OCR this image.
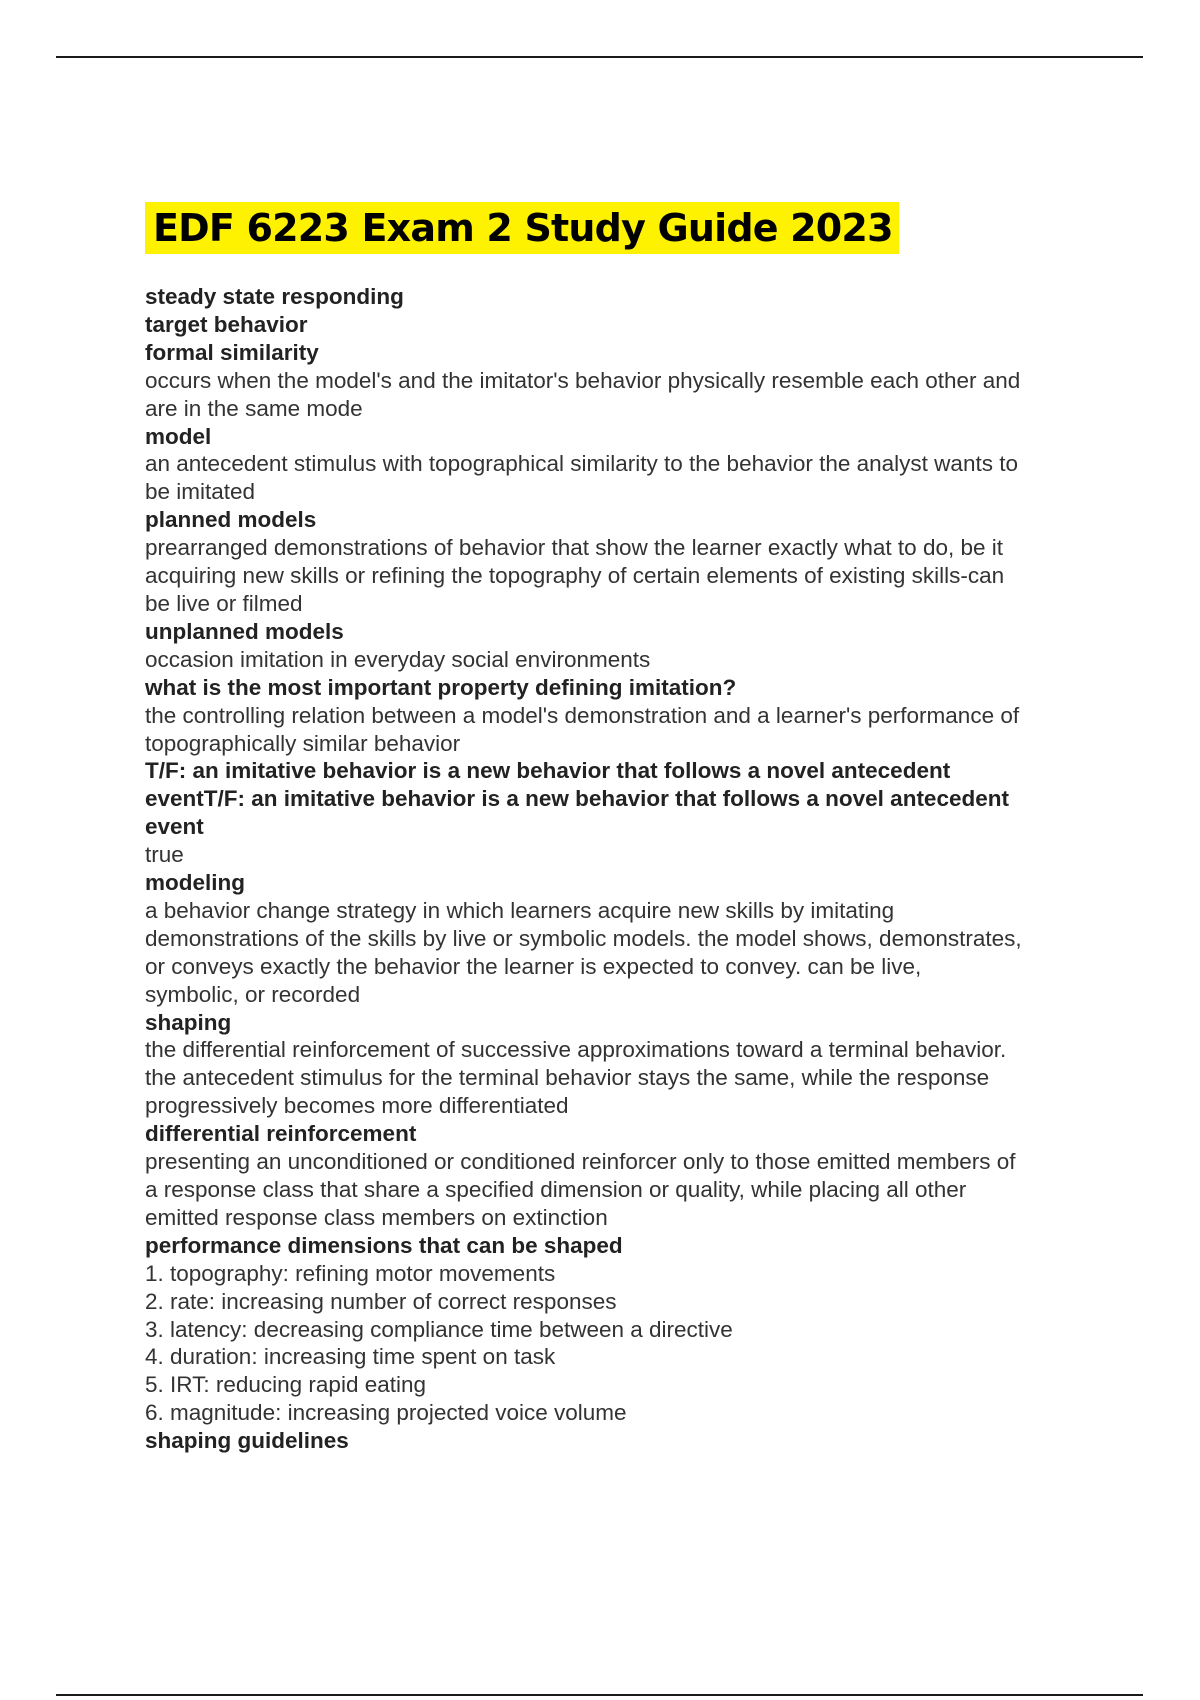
EDF 6223 Exam 2 Study Guide 2023
steady state responding
target behavior
formal similarity
occurs when the model's and the imitator's behavior physically resemble each other and
are in the same mode
model
an antecedent stimulus with topographical similarity to the behavior the analyst wants to
be imitated
planned models
prearranged demonstrations of behavior that show the learner exactly what to do, be it
acquiring new skills or refining the topography of certain elements of existing skills-can
be live or filmed
unplanned models
occasion imitation in everyday social environments
what is the most important property defining imitation?
the controlling relation between a model's demonstration and a learner's performance of
topographically similar behavior
T/F: an imitative behavior is a new behavior that follows a novel antecedent
eventT/F: an imitative behavior is a new behavior that follows a novel antecedent
event
true
modeling
a behavior change strategy in which learners acquire new skills by imitating
demonstrations of the skills by live or symbolic models. the model shows, demonstrates,
or conveys exactly the behavior the learner is expected to convey. can be live,
symbolic, or recorded
shaping
the differential reinforcement of successive approximations toward a terminal behavior.
the antecedent stimulus for the terminal behavior stays the same, while the response
progressively becomes more differentiated
differential reinforcement
presenting an unconditioned or conditioned reinforcer only to those emitted members of
a response class that share a specified dimension or quality, while placing all other
emitted response class members on extinction
performance dimensions that can be shaped
1. topography: refining motor movements
2. rate: increasing number of correct responses
3. latency: decreasing compliance time between a directive
4. duration: increasing time spent on task
5. IRT: reducing rapid eating
6. magnitude: increasing projected voice volume
shaping guidelines
